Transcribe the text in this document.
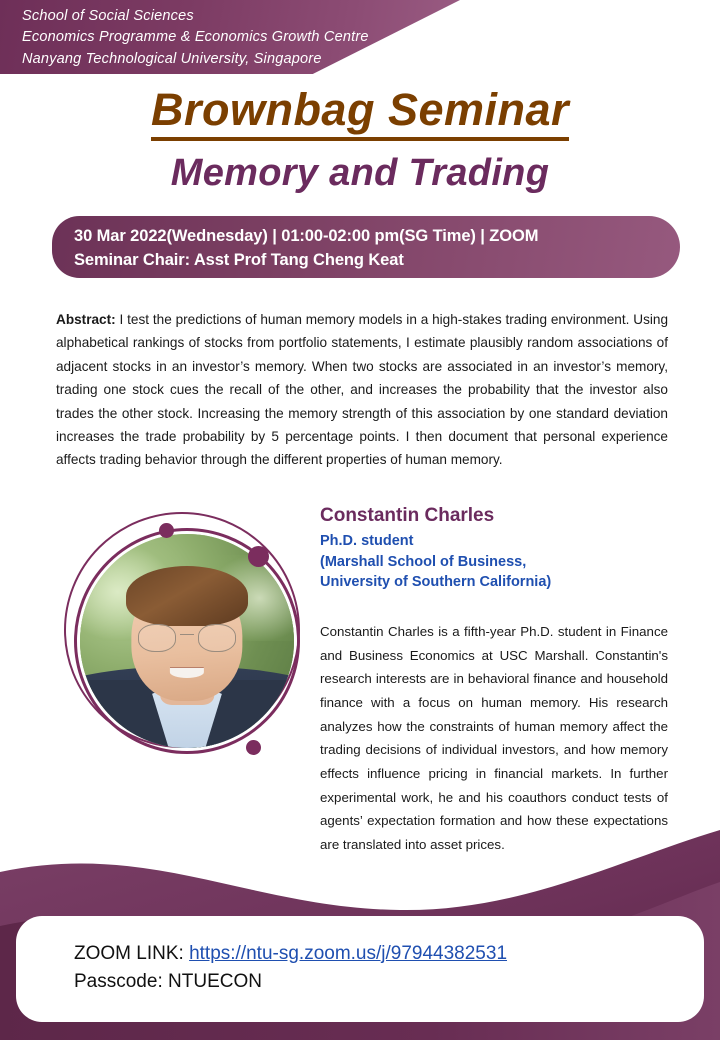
School of Social Sciences
Economics Programme & Economics Growth Centre
Nanyang Technological University, Singapore
Brownbag Seminar
Memory and Trading
30 Mar 2022(Wednesday) | 01:00-02:00 pm(SG Time) | ZOOM
Seminar Chair: Asst Prof Tang Cheng Keat
Abstract: I test the predictions of human memory models in a high-stakes trading environment. Using alphabetical rankings of stocks from portfolio statements, I estimate plausibly random associations of adjacent stocks in an investor’s memory. When two stocks are associated in an investor’s memory, trading one stock cues the recall of the other, and increases the probability that the investor also trades the other stock. Increasing the memory strength of this association by one standard deviation increases the trade probability by 5 percentage points. I then document that personal experience affects trading behavior through the different properties of human memory.
Constantin Charles
Ph.D. student
(Marshall School of Business,
University of Southern California)
Constantin Charles is a fifth-year Ph.D. student in Finance and Business Economics at USC Marshall. Constantin's research interests are in behavioral finance and household finance with a focus on human memory. His research analyzes how the constraints of human memory affect the trading decisions of individual investors, and how memory effects influence pricing in financial markets. In further experimental work, he and his coauthors conduct tests of agents’ expectation formation and how these expectations are translated into asset prices.
ZOOM LINK: https://ntu-sg.zoom.us/j/97944382531
Passcode: NTUECON
